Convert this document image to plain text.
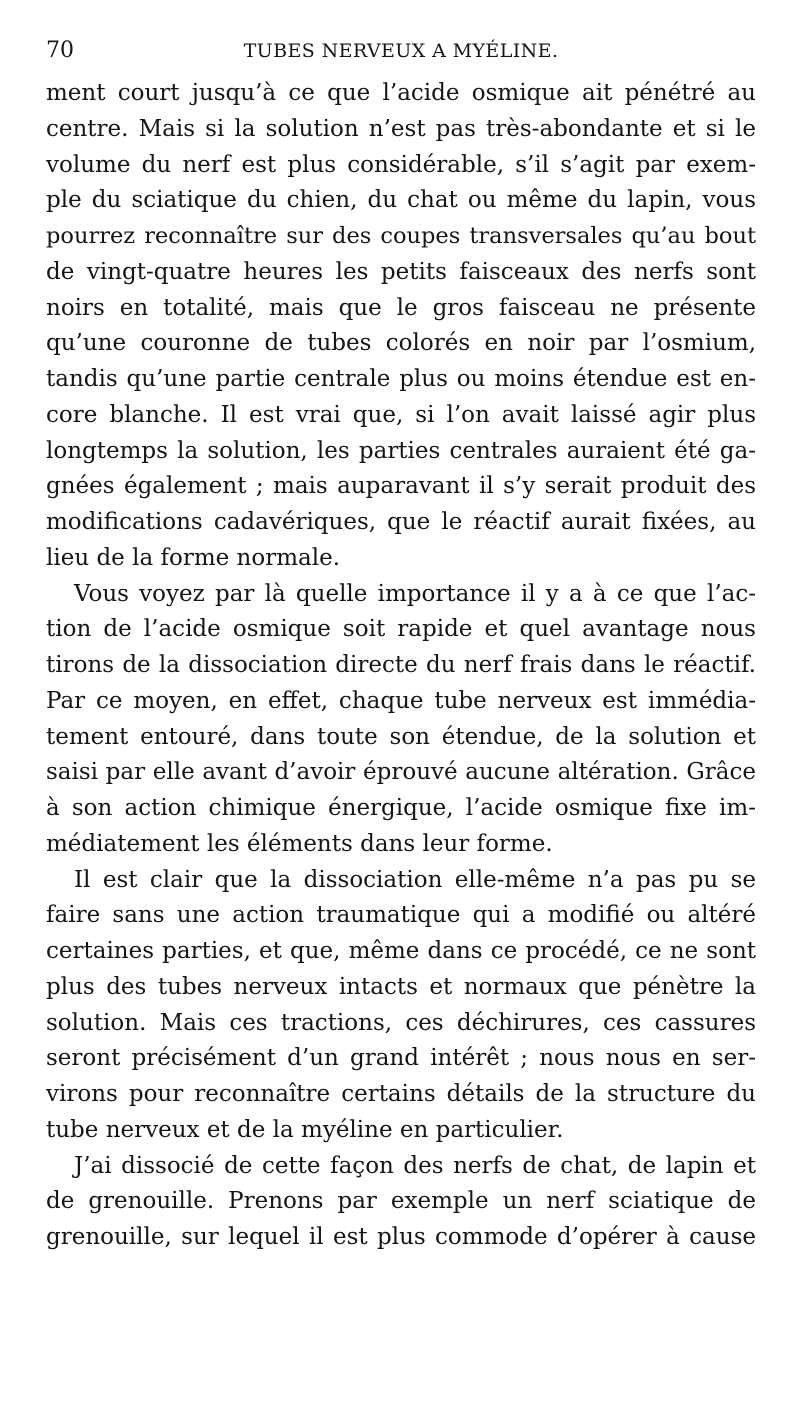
70	TUBES NERVEUX A MYÉLINE.
ment court jusqu’à ce que l’acide osmique ait pénétré au
centre. Mais si la solution n’est pas très-abondante et si le
volume du nerf est plus considérable, s’il s’agit par exem-
ple du sciatique du chien, du chat ou même du lapin, vous
pourrez reconnaître sur des coupes transversales qu’au bout
de vingt-quatre heures les petits faisceaux des nerfs sont
noirs en totalité, mais que le gros faisceau ne présente
qu’une couronne de tubes colorés en noir par l’osmium,
tandis qu’une partie centrale plus ou moins étendue est en-
core blanche. Il est vrai que, si l’on avait laissé agir plus
longtemps la solution, les parties centrales auraient été ga-
gnées également ; mais auparavant il s’y serait produit des
modifications cadavériques, que le réactif aurait fixées, au
lieu de la forme normale.
Vous voyez par là quelle importance il y a à ce que l’ac-
tion de l’acide osmique soit rapide et quel avantage nous
tirons de la dissociation directe du nerf frais dans le réactif.
Par ce moyen, en effet, chaque tube nerveux est immédia-
tement entouré, dans toute son étendue, de la solution et
saisi par elle avant d’avoir éprouvé aucune altération. Grâce
à son action chimique énergique, l’acide osmique fixe im-
médiatement les éléments dans leur forme.
Il est clair que la dissociation elle-même n’a pas pu se
faire sans une action traumatique qui a modifié ou altéré
certaines parties, et que, même dans ce procédé, ce ne sont
plus des tubes nerveux intacts et normaux que pénètre la
solution. Mais ces tractions, ces déchirures, ces cassures
seront précisément d’un grand intérêt ; nous nous en ser-
virons pour reconnaître certains détails de la structure du
tube nerveux et de la myéline en particulier.
J’ai dissocié de cette façon des nerfs de chat, de lapin et
de grenouille. Prenons par exemple un nerf sciatique de
grenouille, sur lequel il est plus commode d’opérer à cause
